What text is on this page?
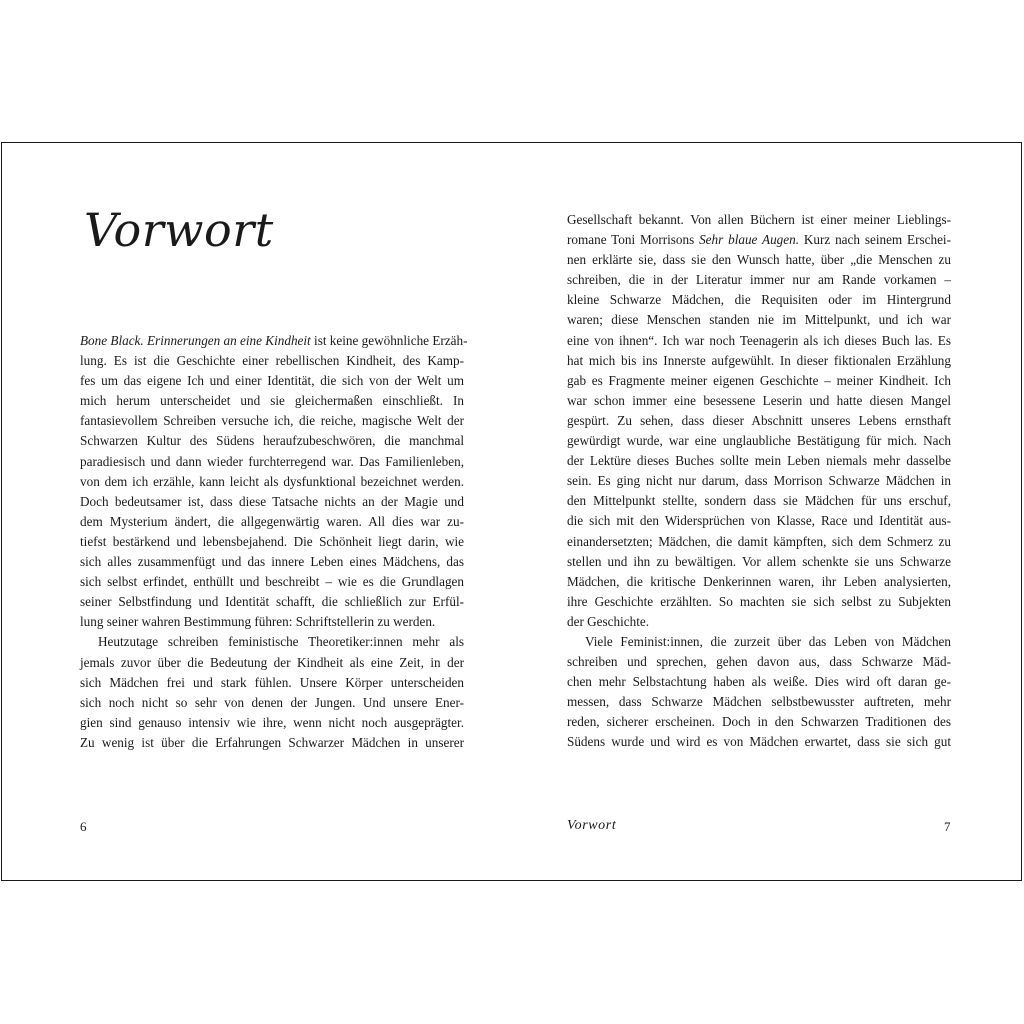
Vorwort
Bone Black. Erinnerungen an eine Kindheit ist keine gewöhnliche Erzäh-
lung. Es ist die Geschichte einer rebellischen Kindheit, des Kamp-
fes um das eigene Ich und einer Identität, die sich von der Welt um
mich herum unterscheidet und sie gleichermaßen einschließt. In
fantasievollem Schreiben versuche ich, die reiche, magische Welt der
Schwarzen Kultur des Südens heraufzubeschwören, die manchmal
paradiesisch und dann wieder furchterregend war. Das Familienleben,
von dem ich erzähle, kann leicht als dysfunktional bezeichnet werden.
Doch bedeutsamer ist, dass diese Tatsache nichts an der Magie und
dem Mysterium ändert, die allgegenwärtig waren. All dies war zu-
tiefst bestärkend und lebensbejahend. Die Schönheit liegt darin, wie
sich alles zusammenfügt und das innere Leben eines Mädchens, das
sich selbst erfindet, enthüllt und beschreibt – wie es die Grundlagen
seiner Selbstfindung und Identität schafft, die schließlich zur Erfül-
lung seiner wahren Bestimmung führen: Schriftstellerin zu werden.
Heutzutage schreiben feministische Theoretiker:innen mehr als
jemals zuvor über die Bedeutung der Kindheit als eine Zeit, in der
sich Mädchen frei und stark fühlen. Unsere Körper unterscheiden
sich noch nicht so sehr von denen der Jungen. Und unsere Ener-
gien sind genauso intensiv wie ihre, wenn nicht noch ausgeprägter.
Zu wenig ist über die Erfahrungen Schwarzer Mädchen in unserer
6
Gesellschaft bekannt. Von allen Büchern ist einer meiner Lieblings-
romane Toni Morrisons Sehr blaue Augen. Kurz nach seinem Erschei-
nen erklärte sie, dass sie den Wunsch hatte, über „die Menschen zu
schreiben, die in der Literatur immer nur am Rande vorkamen –
kleine Schwarze Mädchen, die Requisiten oder im Hintergrund
waren; diese Menschen standen nie im Mittelpunkt, und ich war
eine von ihnen“. Ich war noch Teenagerin als ich dieses Buch las. Es
hat mich bis ins Innerste aufgewühlt. In dieser fiktionalen Erzählung
gab es Fragmente meiner eigenen Geschichte – meiner Kindheit. Ich
war schon immer eine besessene Leserin und hatte diesen Mangel
gespürt. Zu sehen, dass dieser Abschnitt unseres Lebens ernsthaft
gewürdigt wurde, war eine unglaubliche Bestätigung für mich. Nach
der Lektüre dieses Buches sollte mein Leben niemals mehr dasselbe
sein. Es ging nicht nur darum, dass Morrison Schwarze Mädchen in
den Mittelpunkt stellte, sondern dass sie Mädchen für uns erschuf,
die sich mit den Widersprüchen von Klasse, Race und Identität aus-
einandersetzten; Mädchen, die damit kämpften, sich dem Schmerz zu
stellen und ihn zu bewältigen. Vor allem schenkte sie uns Schwarze
Mädchen, die kritische Denkerinnen waren, ihr Leben analysierten,
ihre Geschichte erzählten. So machten sie sich selbst zu Subjekten
der Geschichte.
Viele Feminist:innen, die zurzeit über das Leben von Mädchen
schreiben und sprechen, gehen davon aus, dass Schwarze Mäd-
chen mehr Selbstachtung haben als weiße. Dies wird oft daran ge-
messen, dass Schwarze Mädchen selbstbewusster auftreten, mehr
reden, sicherer erscheinen. Doch in den Schwarzen Traditionen des
Südens wurde und wird es von Mädchen erwartet, dass sie sich gut
Vorwort	7
